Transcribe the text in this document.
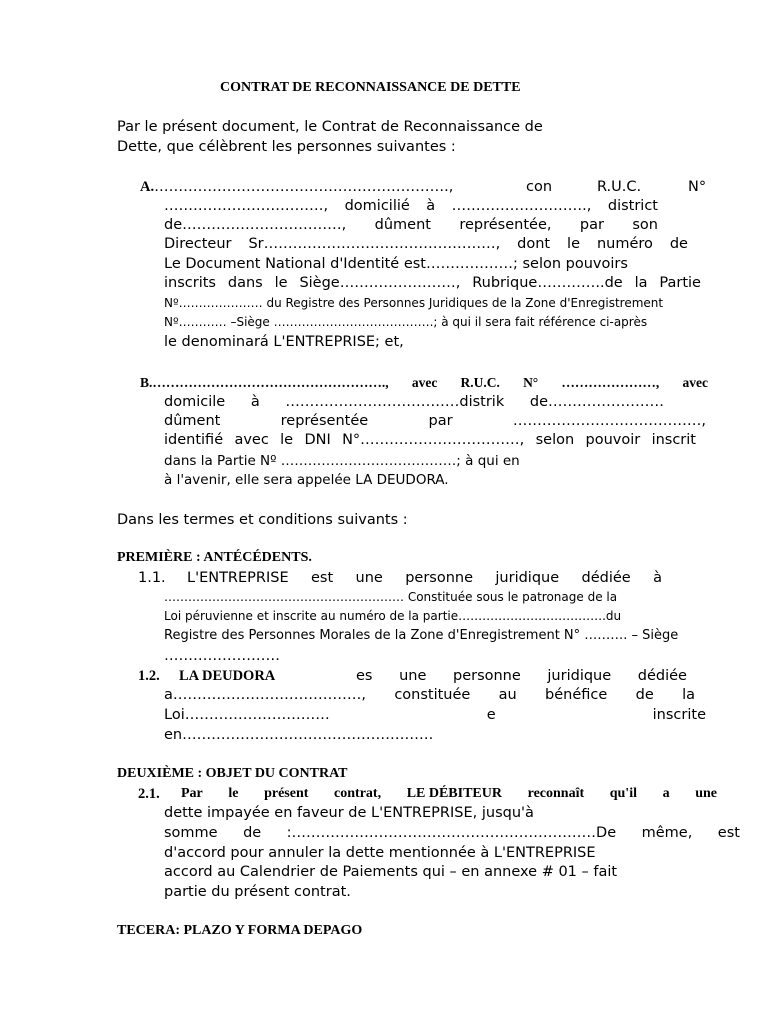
CONTRAT DE RECONNAISSANCE DE DETTE
Par le présent document, le Contrat de Reconnaissance de
Dette, que célèbrent les personnes suivantes :
A.…………………………………………………….,	con	R.U.C.	N°
……………………………, domicilié à ………………………., district
de……………………………, dûment représentée, par son
Directeur Sr…………………………………………, dont le numéro de
Le Document National d'Identité est………………; selon pouvoirs
inscrits dans le Siège……………………, Rubrique…………..de la Partie
Nº………………… du Registre des Personnes Juridiques de la Zone d'Enregistrement
Nº………… –Siège ………………………………….; à qui il sera fait référence ci-après
le denominará L'ENTREPRISE; et,
B.……………………………………………., avec R.U.C. N° …………………, avec
domicile à ………………………………distrik de……………………
dûment	représentée	par	…………………………………,
identifié avec le DNI N°……………………………, selon pouvoir inscrit
dans la Partie Nº …………………………………; à qui en
à l'avenir, elle sera appelée LA DEUDORA.
Dans les termes et conditions suivants :
PREMIÈRE : ANTÉCÉDENTS.
1.1. L'ENTREPRISE est une personne juridique dédiée à
…………………………………………………… Constituée sous le patronage de la
Loi péruvienne et inscrite au numéro de la partie……………………………….du
Registre des Personnes Morales de la Zone d'Enregistrement N° ………. – Siège
……………………
1.2. LA DEUDORA	es une personne juridique dédiée
a…………………………………, constituée au bénéfice de la
Loi…………………………	e	inscrite
en…………………………………………….
DEUXIÈME : OBJET DU CONTRAT
2.1. Par le présent contrat, LE DÉBITEUR reconnaît qu'il a une
dette impayée en faveur de L'ENTREPRISE, jusqu'à
somme de :………………………………………………………De même, est
d'accord pour annuler la dette mentionnée à L'ENTREPRISE
accord au Calendrier de Paiements qui – en annexe # 01 – fait
partie du présent contrat.
TECERA: PLAZO Y FORMA DEPAGO
